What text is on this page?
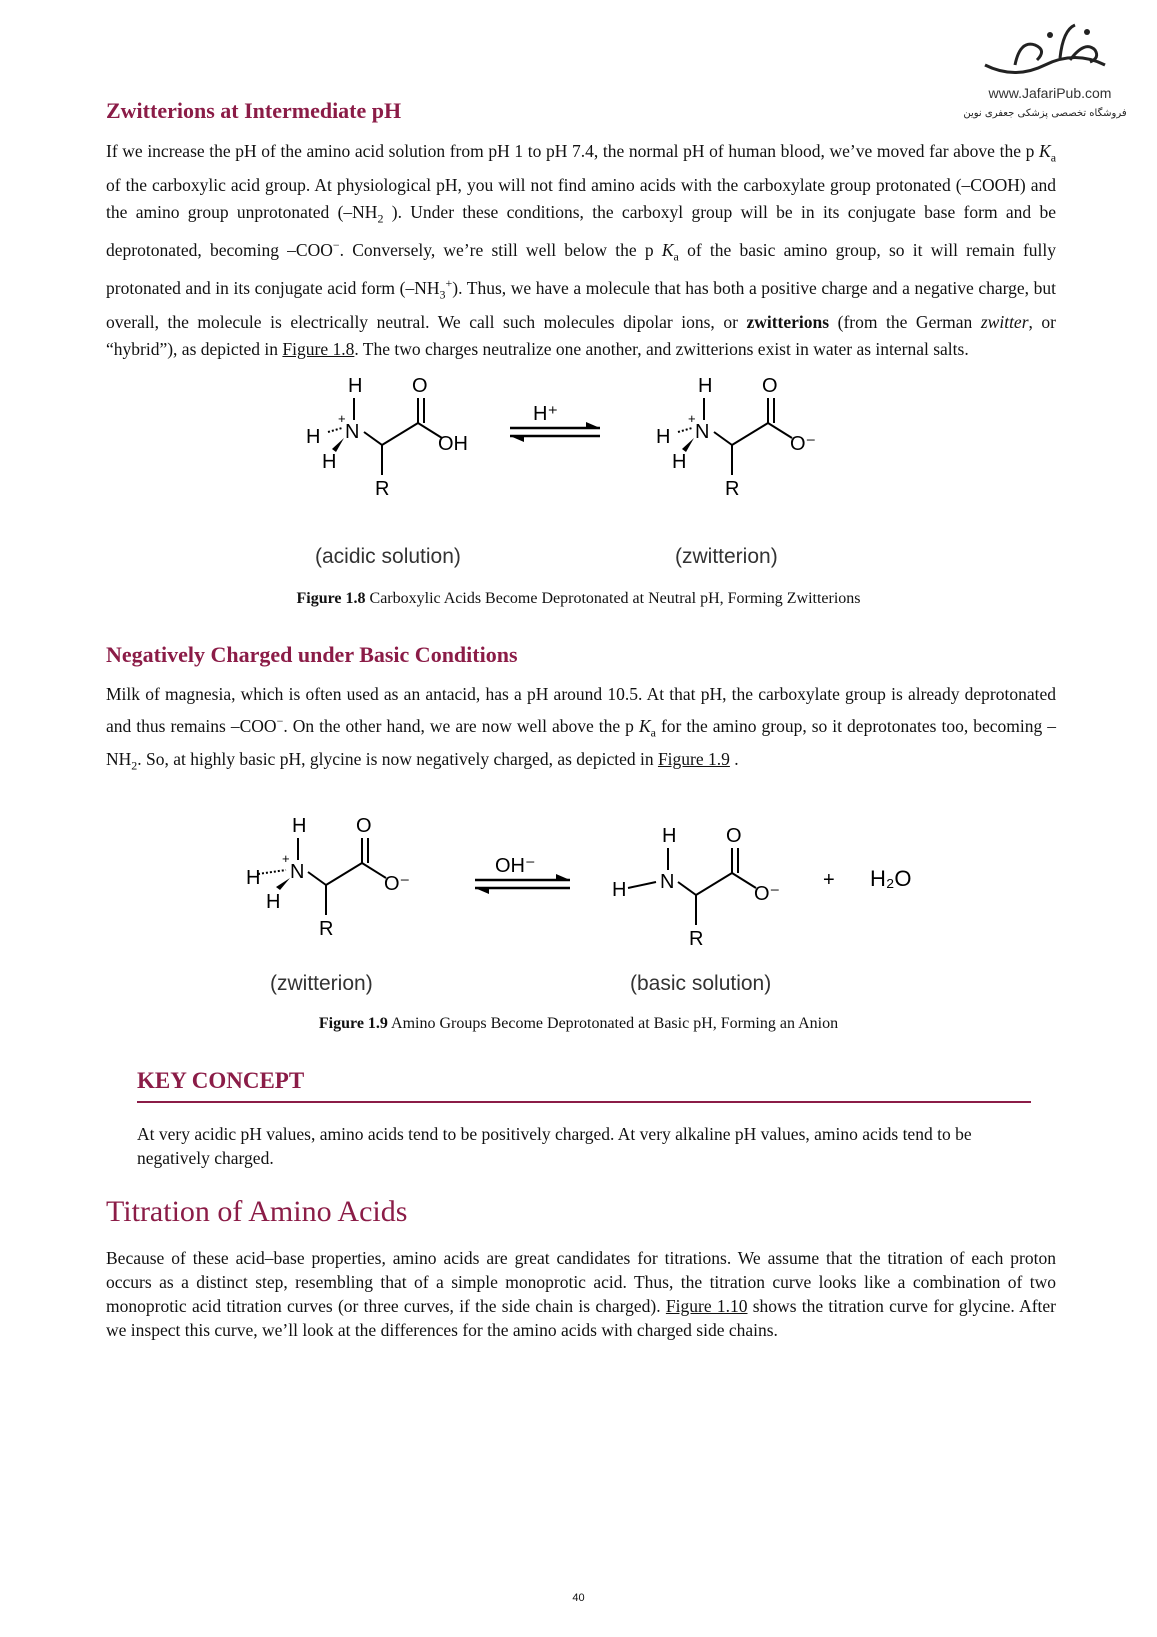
www.JafariPub.com
فروشگاه تخصصی پزشکی جعفری نوین
Zwitterions at Intermediate pH

If we increase the pH of the amino acid solution from pH 1 to pH 7.4, the normal pH of human blood, we’ve moved far above the p $K_a$ of the carboxylic acid group. At physiological pH, you will not find amino acids with the carboxylate group protonated (–COOH) and the amino group unprotonated ($-NH_2$ ). Under these conditions, the carboxyl group will be in its conjugate base form and be deprotonated, becoming –COO−. Conversely, we’re still well below the p $K_a$ of the basic amino group, so it will remain fully protonated and in its conjugate acid form $(-NH_3^+)$. Thus, we have a molecule that has both a positive charge and a negative charge, but overall, the molecule is electrically neutral. We call such molecules dipolar ions, or zwitterions (from the German zwitter, or “hybrid”), as depicted in Figure 1.8. The two charges neutralize one another, and zwitterions exist in water as internal salts.

H
N
+
H
H
R
O
OH
H⁺
H
N
+
H
H
R
O
O⁻
(acidic solution)	(zwitterion)
Figure 1.8 Carboxylic Acids Become Deprotonated at Neutral pH, Forming Zwitterions
Negatively Charged under Basic Conditions

Milk of magnesia, which is often used as an antacid, has a pH around 10.5. At that pH, the carboxylate group is already deprotonated and thus remains –COO−. On the other hand, we are now well above the p $K_a$ for the amino group, so it deprotonates too, becoming $-NH_2$. So, at highly basic pH, glycine is now negatively charged, as depicted in Figure 1.9 .

H
N
+
H
H
R
O
O⁻
OH⁻
H
N
H
R
O
O⁻
+ H₂O
(zwitterion)	(basic solution)
Figure 1.9 Amino Groups Become Deprotonated at Basic pH, Forming an Anion
KEY CONCEPT

At very acidic pH values, amino acids tend to be positively charged. At very alkaline pH values, amino acids tend to be negatively charged.

Titration of Amino Acids

Because of these acid–base properties, amino acids are great candidates for titrations. We assume that the titration of each proton occurs as a distinct step, resembling that of a simple monoprotic acid. Thus, the titration curve looks like a combination of two monoprotic acid titration curves (or three curves, if the side chain is charged). Figure 1.10 shows the titration curve for glycine. After we inspect this curve, we’ll look at the differences for the amino acids with charged side chains.

40
